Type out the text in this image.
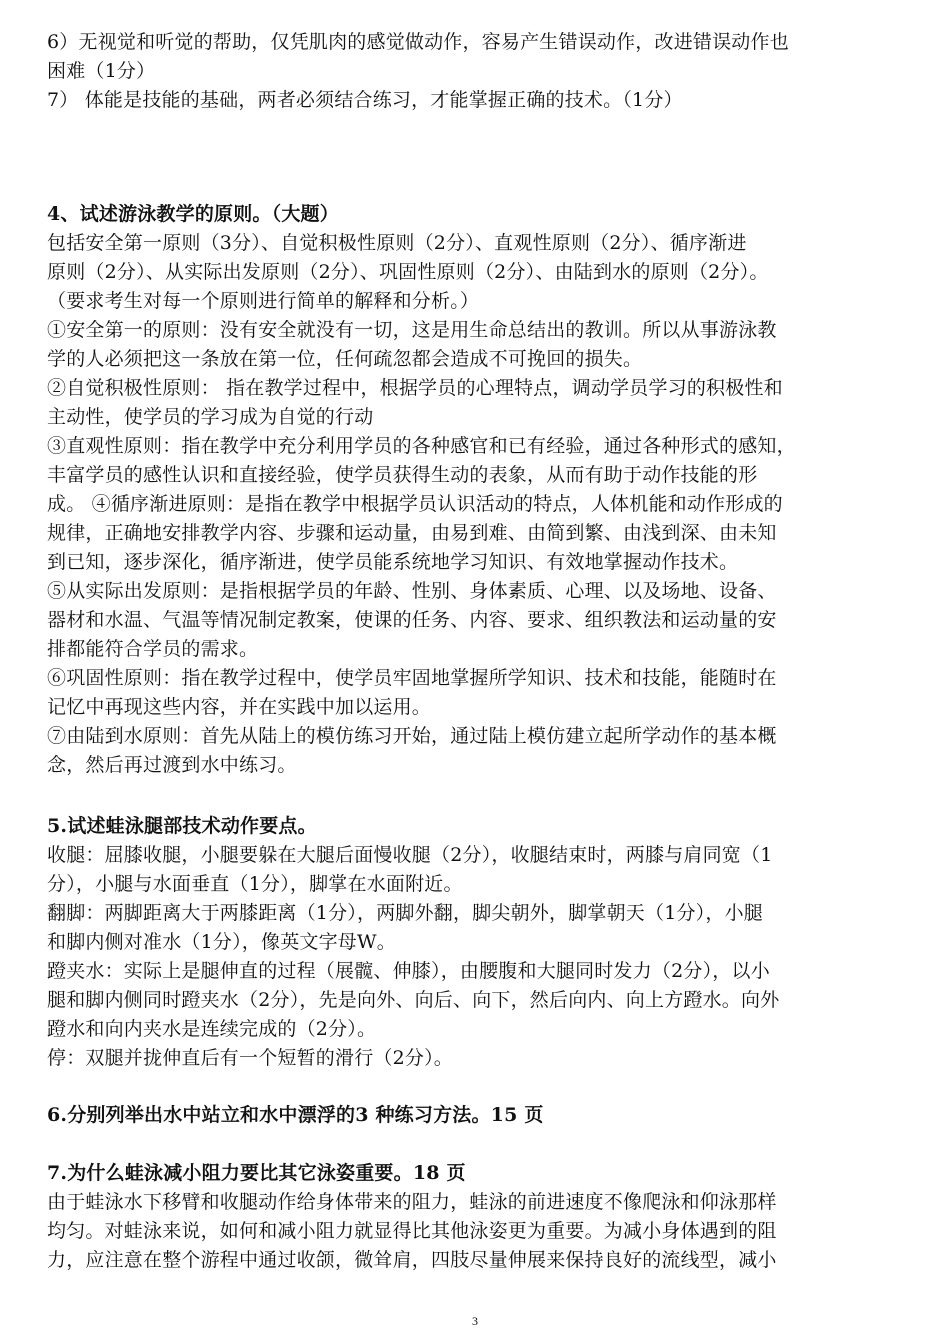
6）无视觉和听觉的帮助，仅凭肌肉的感觉做动作，容易产生错误动作，改进错误动作也
困难（1分）
7） 体能是技能的基础，两者必须结合练习，才能掌握正确的技术。（1分）
4、试述游泳教学的原则。（大题）
包括安全第一原则（3分）、自觉积极性原则（2分）、直观性原则（2分）、循序渐进
原则（2分）、从实际出发原则（2分）、巩固性原则（2分）、由陆到水的原则（2分）。
（要求考生对每一个原则进行简单的解释和分析。）
①安全第一的原则：没有安全就没有一切，这是用生命总结出的教训。所以从事游泳教
学的人必须把这一条放在第一位，任何疏忽都会造成不可挽回的损失。
②自觉积极性原则： 指在教学过程中，根据学员的心理特点，调动学员学习的积极性和
主动性，使学员的学习成为自觉的行动
③直观性原则：指在教学中充分利用学员的各种感官和已有经验，通过各种形式的感知，
丰富学员的感性认识和直接经验，使学员获得生动的表象，从而有助于动作技能的形
成。 ④循序渐进原则：是指在教学中根据学员认识活动的特点，人体机能和动作形成的
规律，正确地安排教学内容、步骤和运动量，由易到难、由简到繁、由浅到深、由未知
到已知，逐步深化，循序渐进，使学员能系统地学习知识、有效地掌握动作技术。
⑤从实际出发原则：是指根据学员的年龄、性别、身体素质、心理、以及场地、设备、
器材和水温、气温等情况制定教案，使课的任务、内容、要求、组织教法和运动量的安
排都能符合学员的需求。
⑥巩固性原则：指在教学过程中，使学员牢固地掌握所学知识、技术和技能，能随时在
记忆中再现这些内容，并在实践中加以运用。
⑦由陆到水原则：首先从陆上的模仿练习开始，通过陆上模仿建立起所学动作的基本概
念，然后再过渡到水中练习。
5.试述蛙泳腿部技术动作要点。
收腿：屈膝收腿，小腿要躲在大腿后面慢收腿（2分），收腿结束时，两膝与肩同宽（1
分），小腿与水面垂直（1分），脚掌在水面附近。
翻脚：两脚距离大于两膝距离（1分），两脚外翻，脚尖朝外，脚掌朝天（1分），小腿
和脚内侧对准水（1分），像英文字母W。
蹬夹水：实际上是腿伸直的过程（展髋、伸膝），由腰腹和大腿同时发力（2分），以小
腿和脚内侧同时蹬夹水（2分），先是向外、向后、向下，然后向内、向上方蹬水。向外
蹬水和向内夹水是连续完成的（2分）。
停：双腿并拢伸直后有一个短暂的滑行（2分）。
6.分别列举出水中站立和水中漂浮的3 种练习方法。15 页
7.为什么蛙泳减小阻力要比其它泳姿重要。18 页
由于蛙泳水下移臂和收腿动作给身体带来的阻力，蛙泳的前进速度不像爬泳和仰泳那样
均匀。对蛙泳来说，如何和减小阻力就显得比其他泳姿更为重要。为减小身体遇到的阻
力，应注意在整个游程中通过收颌，微耸肩，四肢尽量伸展来保持良好的流线型，减小
3
